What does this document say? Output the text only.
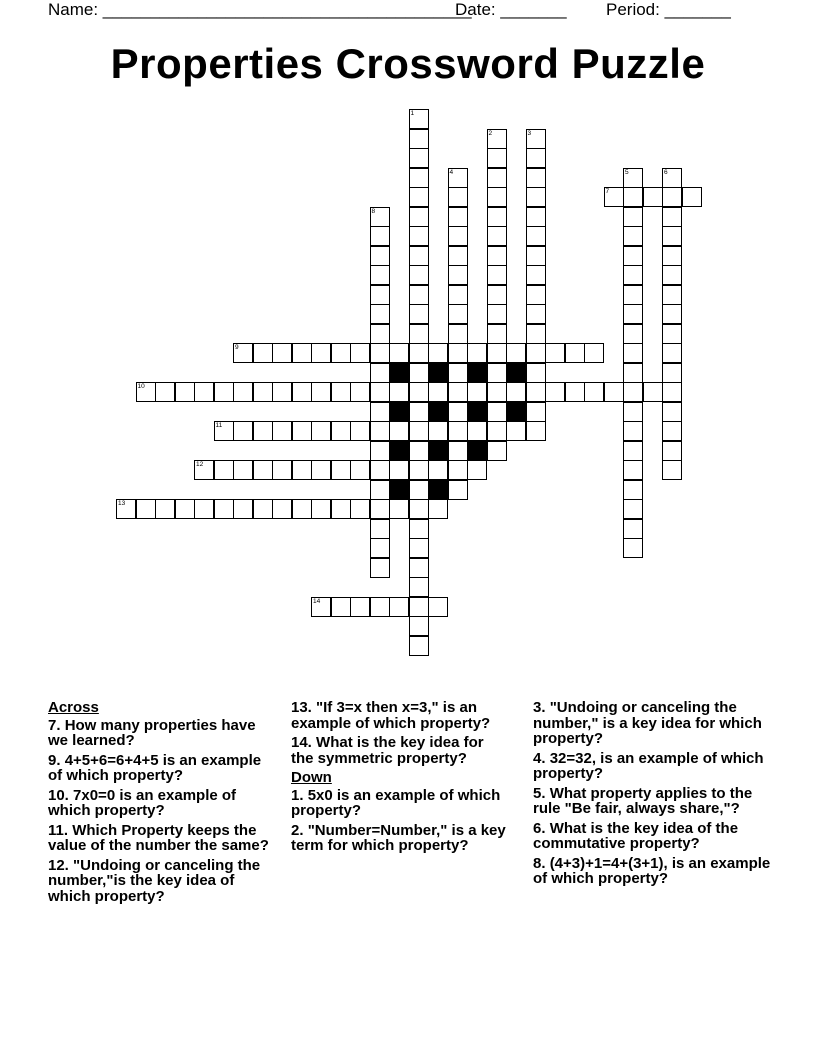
Name: _______________________________________
Date: _______ Period: _______
Properties Crossword Puzzle
1
2	3
4	5	6
7
8
9
10
11
12
13
14
Across
7. How many properties have we learned?
9. 4+5+6=6+4+5 is an example of which property?
10. 7x0=0 is an example of which property?
11. Which Property keeps the value of the number the same?
12. "Undoing or canceling the number,"is the key idea of which property?
13. "If 3=x then x=3," is an example of which property?
14. What is the key idea for the symmetric property?
Down
1. 5x0 is an example of which property?
2. "Number=Number," is a key term for which property?
3. "Undoing or canceling the number," is a key idea for which property?
4. 32=32, is an example of which property?
5. What property applies to the rule "Be fair, always share,"?
6. What is the key idea of the commutative property?
8. (4+3)+1=4+(3+1), is an example of which property?
